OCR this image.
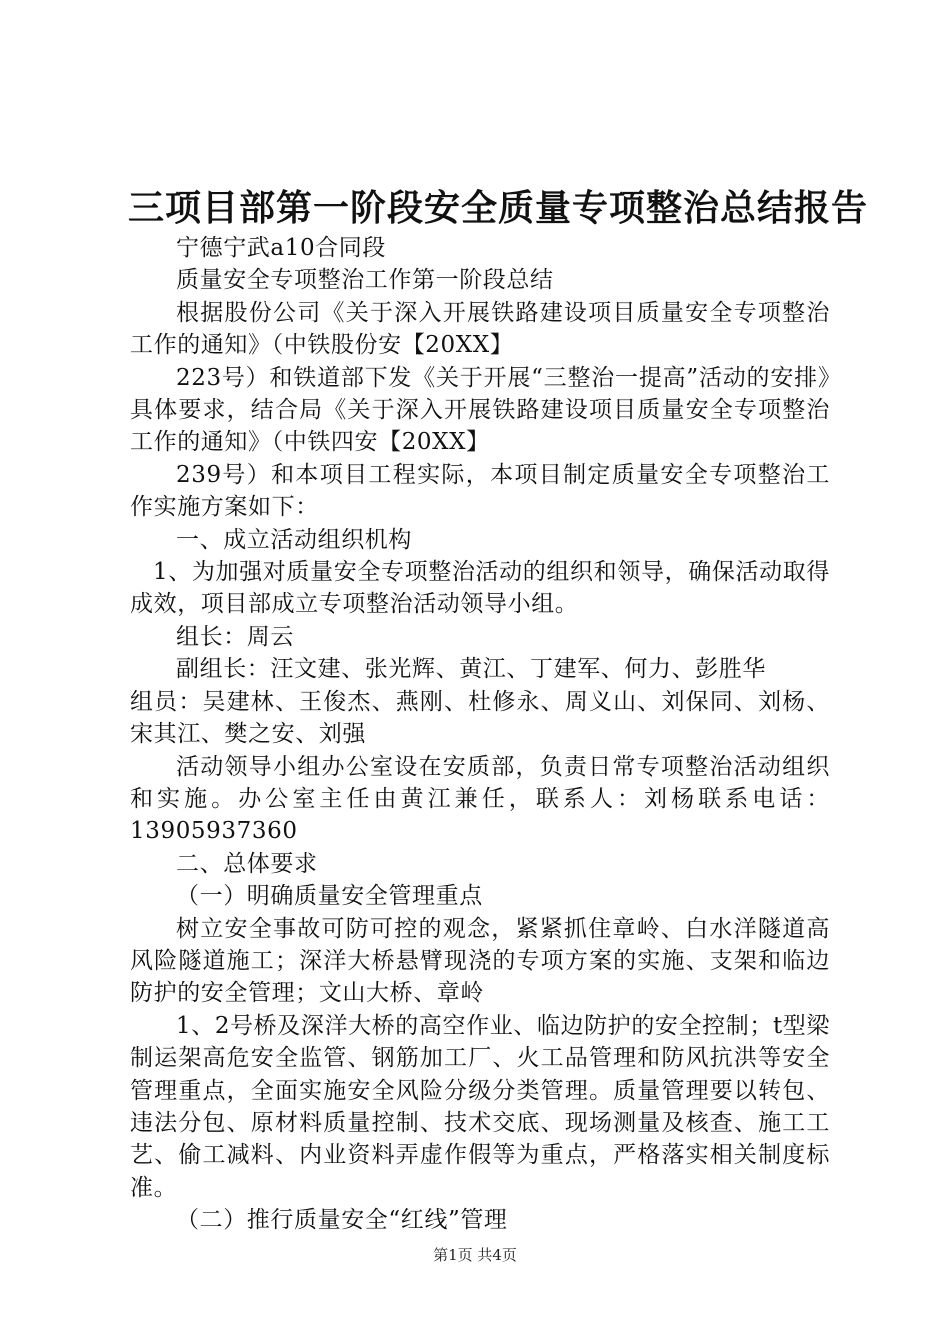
三项目部第一阶段安全质量专项整治总结报告

宁德宁武a10合同段

质量安全专项整治工作第一阶段总结

根据股份公司《关于深入开展铁路建设项目质量安全专项整治工作的通知》（中铁股份安【20XX】

223号）和铁道部下发《关于开展“三整治一提高”活动的安排》具体要求，结合局《关于深入开展铁路建设项目质量安全专项整治工作的通知》（中铁四安【20XX】

239号）和本项目工程实际，本项目制定质量安全专项整治工作实施方案如下：

一、成立活动组织机构

1、为加强对质量安全专项整治活动的组织和领导，确保活动取得成效，项目部成立专项整治活动领导小组。

组长：周云

副组长：汪文建、张光辉、黄江、丁建军、何力、彭胜华

组员：吴建林、王俊杰、燕刚、杜修永、周义山、刘保同、刘杨、宋其江、樊之安、刘强

活动领导小组办公室设在安质部，负责日常专项整治活动组织和实施。办公室主任由黄江兼任，联系人：刘杨联系电话：13905937360

二、总体要求

（一）明确质量安全管理重点

树立安全事故可防可控的观念，紧紧抓住章岭、白水洋隧道高风险隧道施工；深洋大桥悬臂现浇的专项方案的实施、支架和临边防护的安全管理；文山大桥、章岭

1、2号桥及深洋大桥的高空作业、临边防护的安全控制；t型梁制运架高危安全监管、钢筋加工厂、火工品管理和防风抗洪等安全管理重点，全面实施安全风险分级分类管理。质量管理要以转包、违法分包、原材料质量控制、技术交底、现场测量及核查、施工工艺、偷工减料、内业资料弄虚作假等为重点，严格落实相关制度标准。

（二）推行质量安全“红线”管理

第1页 共4页
